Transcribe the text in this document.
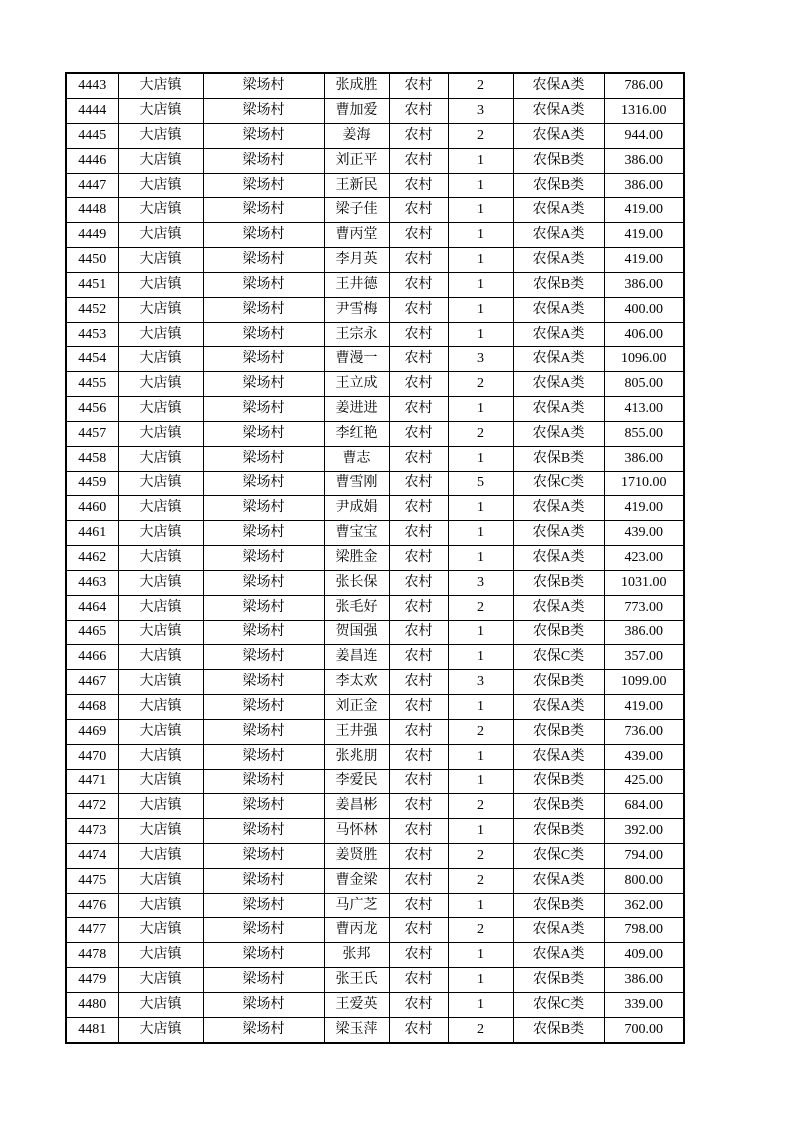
4443	大店镇	梁场村	张成胜	农村	2	农保A类	786.00
4444	大店镇	梁场村	曹加爱	农村	3	农保A类	1316.00
4445	大店镇	梁场村	姜海	农村	2	农保A类	944.00
4446	大店镇	梁场村	刘正平	农村	1	农保B类	386.00
4447	大店镇	梁场村	王新民	农村	1	农保B类	386.00
4448	大店镇	梁场村	梁子佳	农村	1	农保A类	419.00
4449	大店镇	梁场村	曹丙堂	农村	1	农保A类	419.00
4450	大店镇	梁场村	李月英	农村	1	农保A类	419.00
4451	大店镇	梁场村	王井德	农村	1	农保B类	386.00
4452	大店镇	梁场村	尹雪梅	农村	1	农保A类	400.00
4453	大店镇	梁场村	王宗永	农村	1	农保A类	406.00
4454	大店镇	梁场村	曹漫一	农村	3	农保A类	1096.00
4455	大店镇	梁场村	王立成	农村	2	农保A类	805.00
4456	大店镇	梁场村	姜进进	农村	1	农保A类	413.00
4457	大店镇	梁场村	李红艳	农村	2	农保A类	855.00
4458	大店镇	梁场村	曹志	农村	1	农保B类	386.00
4459	大店镇	梁场村	曹雪刚	农村	5	农保C类	1710.00
4460	大店镇	梁场村	尹成娟	农村	1	农保A类	419.00
4461	大店镇	梁场村	曹宝宝	农村	1	农保A类	439.00
4462	大店镇	梁场村	梁胜金	农村	1	农保A类	423.00
4463	大店镇	梁场村	张长保	农村	3	农保B类	1031.00
4464	大店镇	梁场村	张毛好	农村	2	农保A类	773.00
4465	大店镇	梁场村	贺国强	农村	1	农保B类	386.00
4466	大店镇	梁场村	姜昌连	农村	1	农保C类	357.00
4467	大店镇	梁场村	李太欢	农村	3	农保B类	1099.00
4468	大店镇	梁场村	刘正金	农村	1	农保A类	419.00
4469	大店镇	梁场村	王井强	农村	2	农保B类	736.00
4470	大店镇	梁场村	张兆朋	农村	1	农保A类	439.00
4471	大店镇	梁场村	李爱民	农村	1	农保B类	425.00
4472	大店镇	梁场村	姜昌彬	农村	2	农保B类	684.00
4473	大店镇	梁场村	马怀林	农村	1	农保B类	392.00
4474	大店镇	梁场村	姜贤胜	农村	2	农保C类	794.00
4475	大店镇	梁场村	曹金梁	农村	2	农保A类	800.00
4476	大店镇	梁场村	马广芝	农村	1	农保B类	362.00
4477	大店镇	梁场村	曹丙龙	农村	2	农保A类	798.00
4478	大店镇	梁场村	张邦	农村	1	农保A类	409.00
4479	大店镇	梁场村	张王氏	农村	1	农保B类	386.00
4480	大店镇	梁场村	王爱英	农村	1	农保C类	339.00
4481	大店镇	梁场村	梁玉萍	农村	2	农保B类	700.00
